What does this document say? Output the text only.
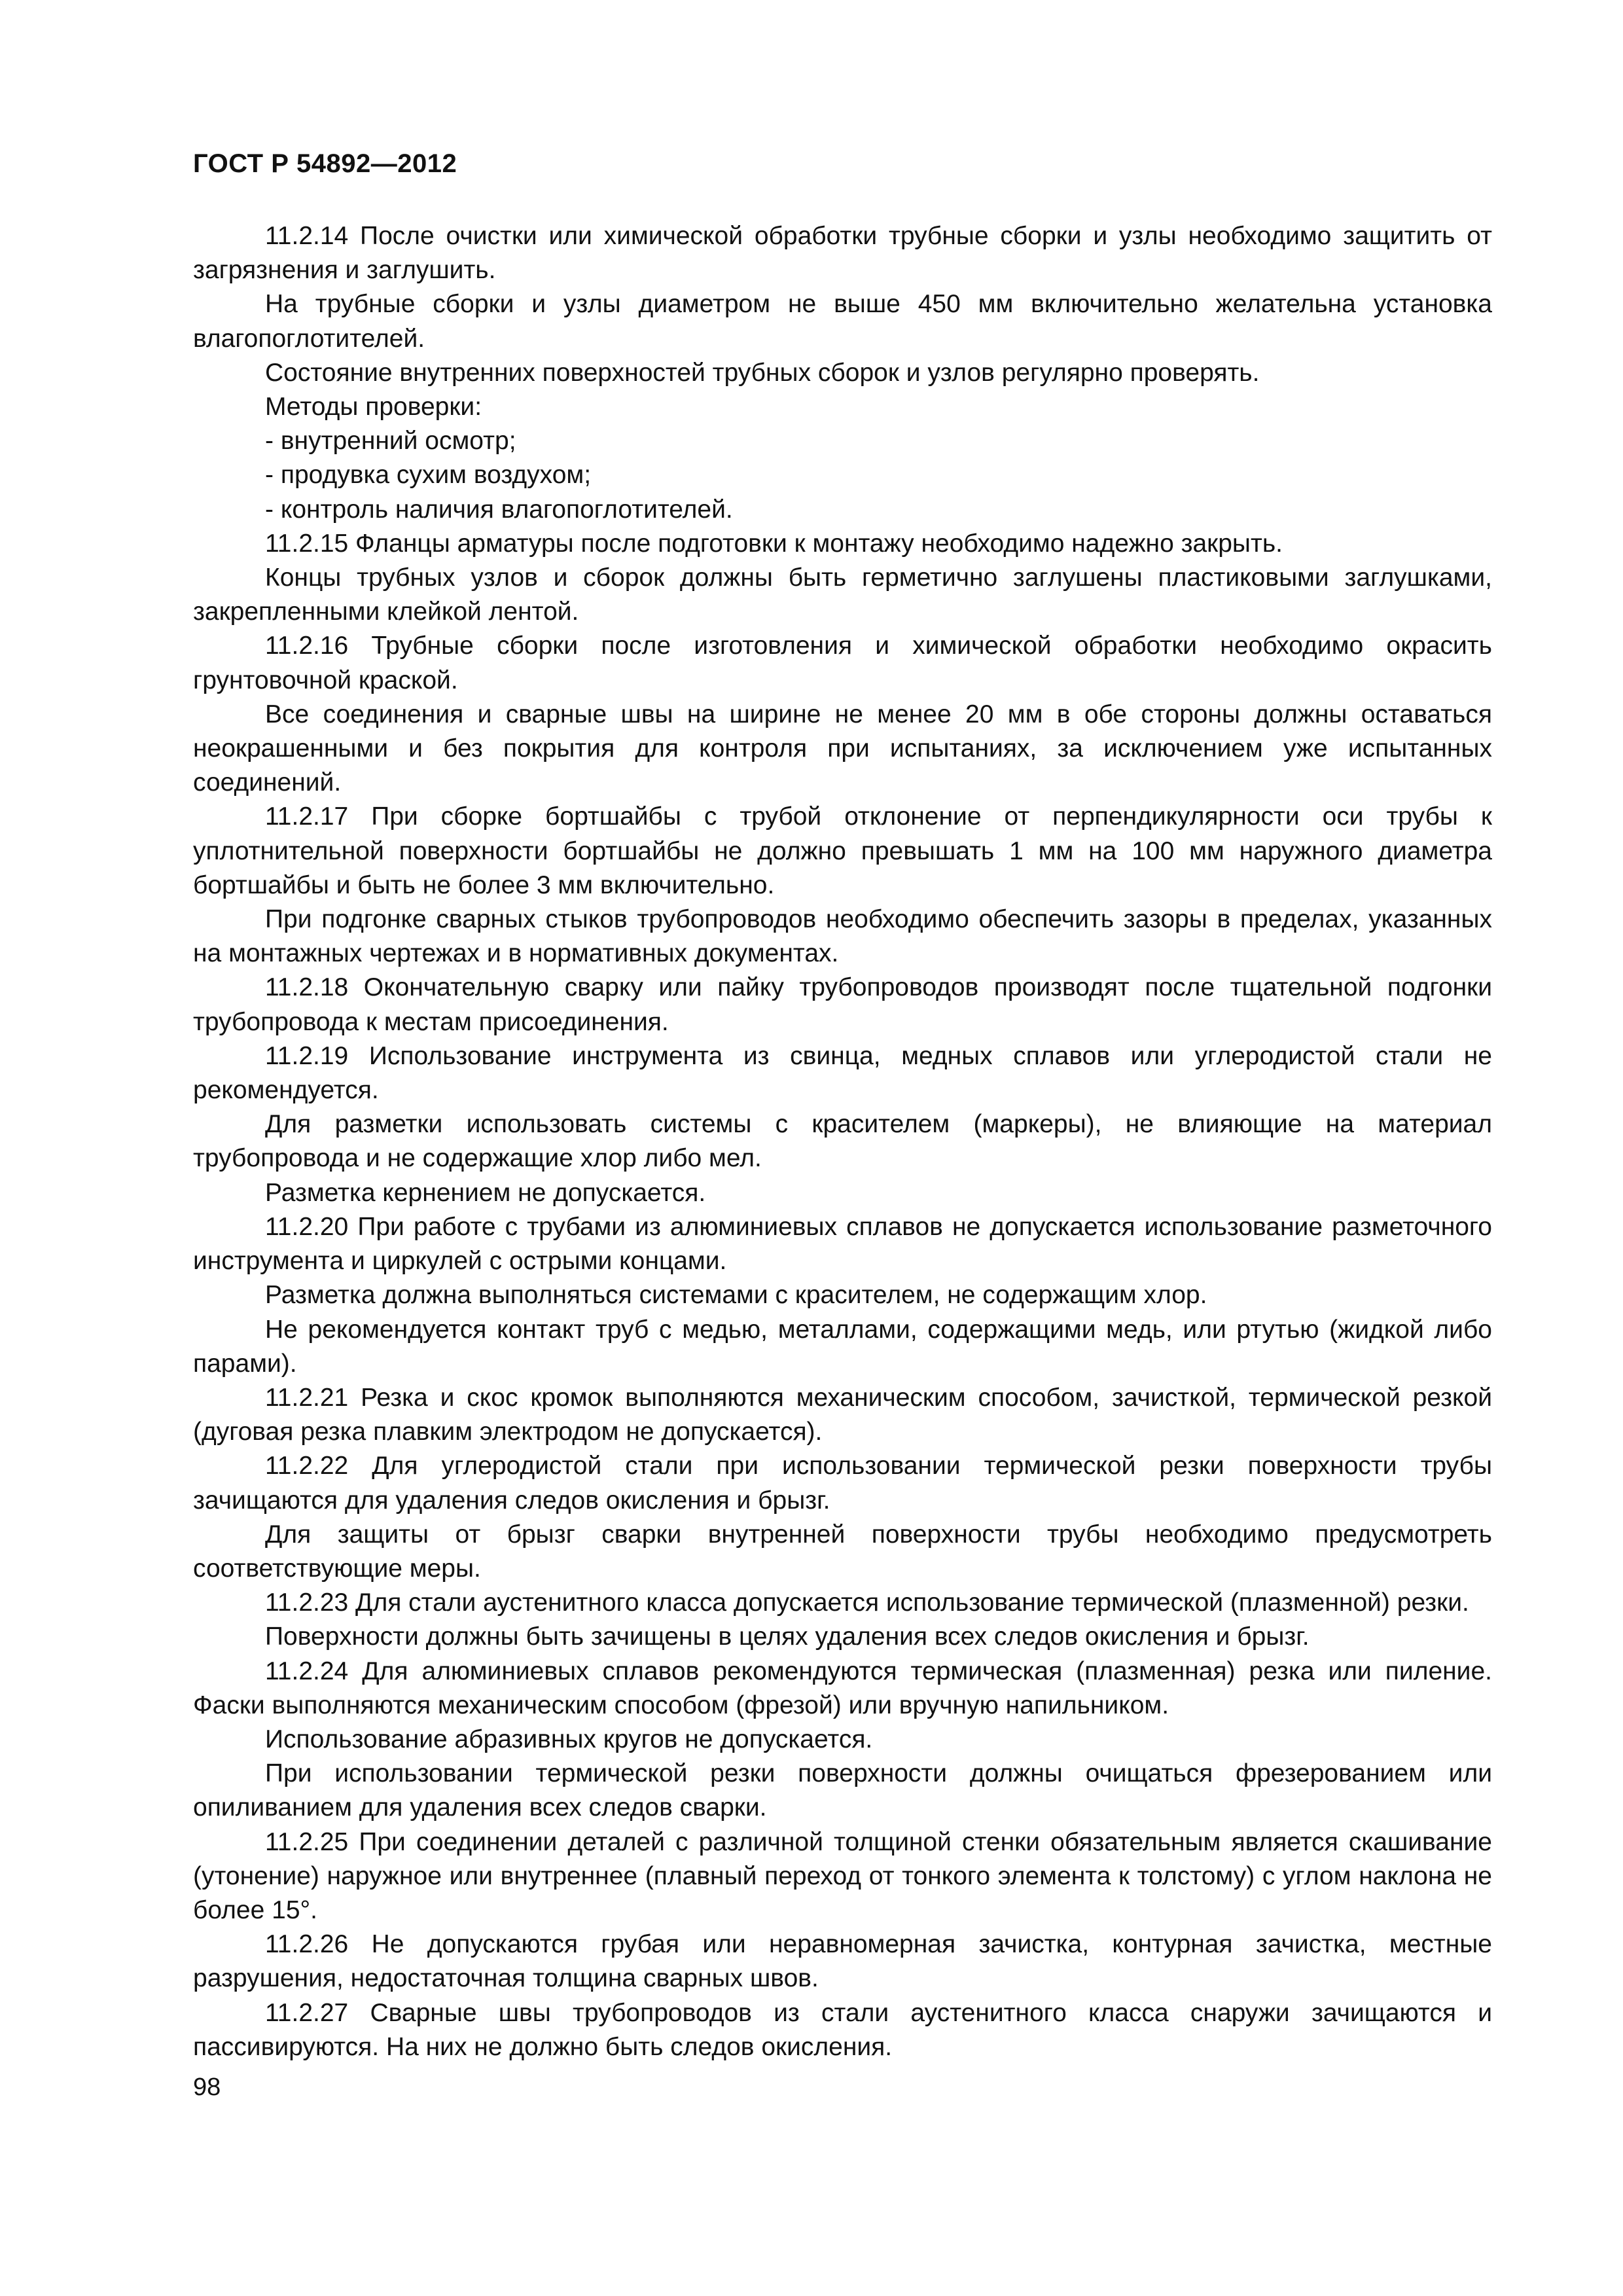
ГОСТ Р 54892—2012

11.2.14 После очистки или химической обработки трубные сборки и узлы необходимо защитить от загрязнения и заглушить.

На трубные сборки и узлы диаметром не выше 450 мм включительно желательна установка влагопоглотителей.

Состояние внутренних поверхностей трубных сборок и узлов регулярно проверять.

Методы проверки:

- внутренний осмотр;

- продувка сухим воздухом;

- контроль наличия влагопоглотителей.

11.2.15 Фланцы арматуры после подготовки к монтажу необходимо надежно закрыть.

Концы трубных узлов и сборок должны быть герметично заглушены пластиковыми заглушками, закрепленными клейкой лентой.

11.2.16 Трубные сборки после изготовления и химической обработки необходимо окрасить грунтовочной краской.

Все соединения и сварные швы на ширине не менее 20 мм в обе стороны должны оставаться неокрашенными и без покрытия для контроля при испытаниях, за исключением уже испытанных соединений.

11.2.17 При сборке бортшайбы с трубой отклонение от перпендикулярности оси трубы к уплотнительной поверхности бортшайбы не должно превышать 1 мм на 100 мм наружного диаметра бортшайбы и быть не более 3 мм включительно.

При подгонке сварных стыков трубопроводов необходимо обеспечить зазоры в пределах, указанных на монтажных чертежах и в нормативных документах.

11.2.18 Окончательную сварку или пайку трубопроводов производят после тщательной подгонки трубопровода к местам присоединения.

11.2.19 Использование инструмента из свинца, медных сплавов или углеродистой стали не рекомендуется.

Для разметки использовать системы с красителем (маркеры), не влияющие на материал трубопровода и не содержащие хлор либо мел.

Разметка кернением не допускается.

11.2.20 При работе с трубами из алюминиевых сплавов не допускается использование разметочного инструмента и циркулей с острыми концами.

Разметка должна выполняться системами с красителем, не содержащим хлор.

Не рекомендуется контакт труб с медью, металлами, содержащими медь, или ртутью (жидкой либо парами).

11.2.21 Резка и скос кромок выполняются механическим способом, зачисткой, термической резкой (дуговая резка плавким электродом не допускается).

11.2.22 Для углеродистой стали при использовании термической резки поверхности трубы зачищаются для удаления следов окисления и брызг.

Для защиты от брызг сварки внутренней поверхности трубы необходимо предусмотреть соответствующие меры.

11.2.23 Для стали аустенитного класса допускается использование термической (плазменной) резки.

Поверхности должны быть зачищены в целях удаления всех следов окисления и брызг.

11.2.24 Для алюминиевых сплавов рекомендуются термическая (плазменная) резка или пиление. Фаски выполняются механическим способом (фрезой) или вручную напильником.

Использование абразивных кругов не допускается.

При использовании термической резки поверхности должны очищаться фрезерованием или опиливанием для удаления всех следов сварки.

11.2.25 При соединении деталей с различной толщиной стенки обязательным является скашивание (утонение) наружное или внутреннее (плавный переход от тонкого элемента к толстому) с углом наклона не более 15°.

11.2.26 Не допускаются грубая или неравномерная зачистка, контурная зачистка, местные разрушения, недостаточная толщина сварных швов.

11.2.27 Сварные швы трубопроводов из стали аустенитного класса снаружи зачищаются и пассивируются. На них не должно быть следов окисления.

98
